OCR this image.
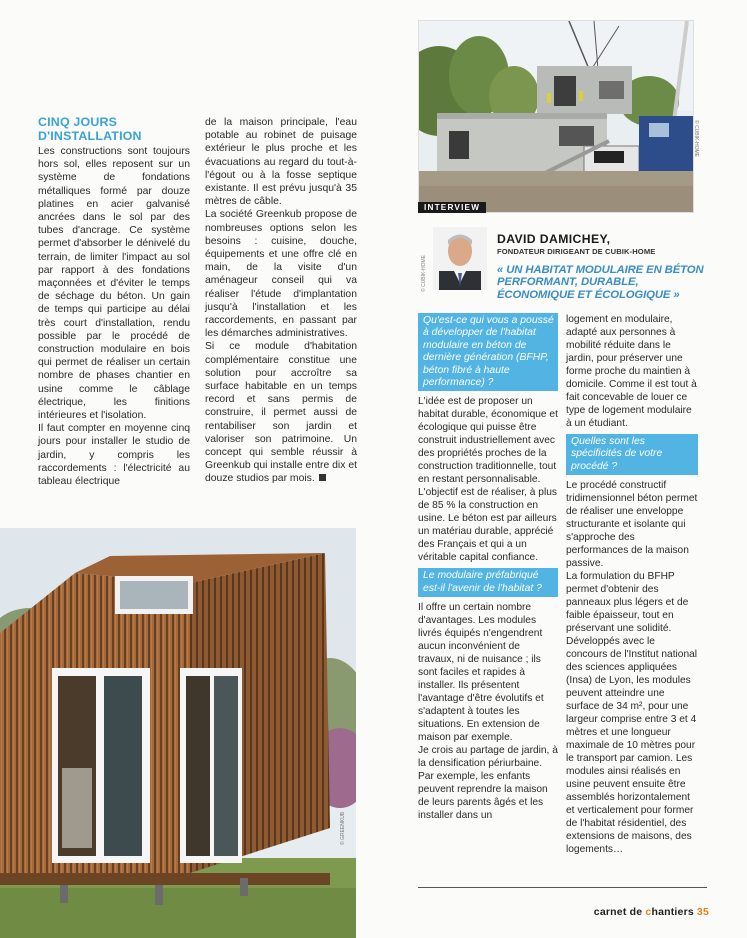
CINQ JOURS
D'INSTALLATION

Les constructions sont toujours hors sol, elles reposent sur un système de fondations métalliques formé par douze platines en acier galvanisé ancrées dans le sol par des tubes d'ancrage. Ce système permet d'absorber le dénivelé du terrain, de limiter l'impact au sol par rapport à des fondations maçonnées et d'éviter le temps de séchage du béton. Un gain de temps qui participe au délai très court d'installation, rendu possible par le procédé de construction modulaire en bois qui permet de réaliser un certain nombre de phases chantier en usine comme le câblage électrique, les finitions intérieures et l'isolation.

Il faut compter en moyenne cinq jours pour installer le studio de jardin, y compris les raccordements : l'électricité au tableau électrique

de la maison principale, l'eau potable au robinet de puisage extérieur le plus proche et les évacuations au regard du tout-à-l'égout ou à la fosse septique existante. Il est prévu jusqu'à 35 mètres de câble.

La société Greenkub propose de nombreuses options selon les besoins : cuisine, douche, équipements et une offre clé en main, de la visite d'un aménageur conseil qui va réaliser l'étude d'implantation jusqu'à l'installation et les raccordements, en passant par les démarches administratives.

Si ce module d'habitation complémentaire constitue une solution pour accroître sa surface habitable en un temps record et sans permis de construire, il permet aussi de rentabiliser son jardin et valoriser son patrimoine. Un concept qui semble réussir à Greenkub qui installe entre dix et douze studios par mois.

INTERVIEW
© CUBIK-HOME
© GREENKUB
© CUBIK-HOME
DAVID DAMICHEY,
FONDATEUR DIRIGEANT DE CUBIK-HOME
« UN HABITAT MODULAIRE EN BÉTON PERFORMANT, DURABLE, ÉCONOMIQUE ET ÉCOLOGIQUE »
Qu'est-ce qui vous a poussé à développer de l'habitat modulaire en béton de dernière génération (BFHP, béton fibré à haute performance) ?

L'idée est de proposer un habitat durable, économique et écologique qui puisse être construit industriellement avec des propriétés proches de la construction traditionnelle, tout en restant personnalisable. L'objectif est de réaliser, à plus de 85 % la construction en usine. Le béton est par ailleurs un matériau durable, apprécié des Français et qui a un véritable capital confiance.

Le modulaire préfabriqué est-il l'avenir de l'habitat ?

Il offre un certain nombre d'avantages. Les modules livrés équipés n'engendrent aucun inconvénient de travaux, ni de nuisance ; ils sont faciles et rapides à installer. Ils présentent l'avantage d'être évolutifs et s'adaptent à toutes les situations. En extension de maison par exemple.

Je crois au partage de jardin, à la densification périurbaine. Par exemple, les enfants peuvent reprendre la maison de leurs parents âgés et les installer dans un

logement en modulaire, adapté aux personnes à mobilité réduite dans le jardin, pour préserver une forme proche du maintien à domicile. Comme il est tout à fait concevable de louer ce type de logement modulaire à un étudiant.

Quelles sont les spécificités de votre procédé ?

Le procédé constructif tridimensionnel béton permet de réaliser une enveloppe structurante et isolante qui s'approche des performances de la maison passive.

La formulation du BFHP permet d'obtenir des panneaux plus légers et de faible épaisseur, tout en préservant une solidité.

Développés avec le concours de l'Institut national des sciences appliquées (Insa) de Lyon, les modules peuvent atteindre une surface de 34 m², pour une largeur comprise entre 3 et 4 mètres et une longueur maximale de 10 mètres pour le transport par camion. Les modules ainsi réalisés en usine peuvent ensuite être assemblés horizontalement et verticalement pour former de l'habitat résidentiel, des extensions de maisons, des logements…

carnet de chantiers 35
